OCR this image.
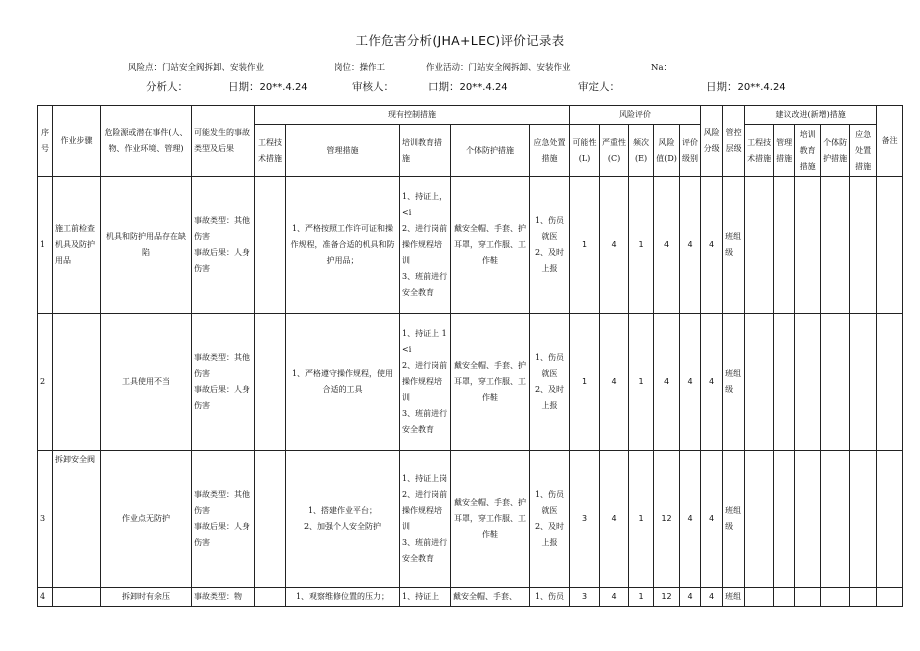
工作危害分析(JHA+LEC)评价记录表
风险点：门站安全阀拆卸、安装作业	岗位：操作工	作业活动：门站安全阀拆卸、安装作业	Na：
分析人：	日期：20**.4.24	审核人：	口期：20**.4.24	审定人：	日期：20**.4.24
序号	作业步骤	危险源或潜在事件(人、物、作业环境、管理)	可能发生的事故类型及后果	现有控制措施					风险评价					风险分级	管控层级	建议改进(新增)措施					备注
				工程技术措施	管理措施	培训教育措施	个体防护措施	应急处置措施	可能性(L)	严重性(C)	频次(E)	风险值(D)	评价级别			工程技术措施	管理措施	培训教育措施	个体防护措施	应急处置措施	
1	施工前检查机具及防护用品	机具和防护用品存在缺陷	事故类型：其他伤害
事故后果：人身伤害		1、严格按照工作许可证和操作规程，准备合适的机具和防护用品；	1、持证上，<i
2、进行岗前操作规程培训
3、班前进行安全教育	戴安全帽、手套、护耳罩，穿工作服、工作鞋	1、伤员就医
2、及时上报	1	4	1	4	4	4	班组级						
2		工具使用不当	事故类型：其他伤害
事故后果：人身伤害		1、严格遵守操作规程，使用合适的工具	1、持证上 1<i
2、进行岗前操作规程培训
3、班前进行安全教育	戴安全帽、手套、护耳罩，穿工作服、工作鞋	1、伤员就医
2、及时上报	1	4	1	4	4	4	班组级						
3	拆卸安全阀	作业点无防护	事故类型：其他伤害
事故后果：人身伤害		1、搭建作业平台；
2、加强个人安全防护	1、持证上岗
2、进行岗前操作规程培训
3、班前进行安全教育	戴安全帽、手套、护耳罩，穿工作服、工作鞋	1、伤员就医
2、及时上报	3	4	1	12	4	4	班组级						
4		拆卸时有余压	事故类型：物		1、观察维修位置的压力；	1、持证上	戴安全帽、手套、	1、伤员	3	4	1	12	4	4	班组						
